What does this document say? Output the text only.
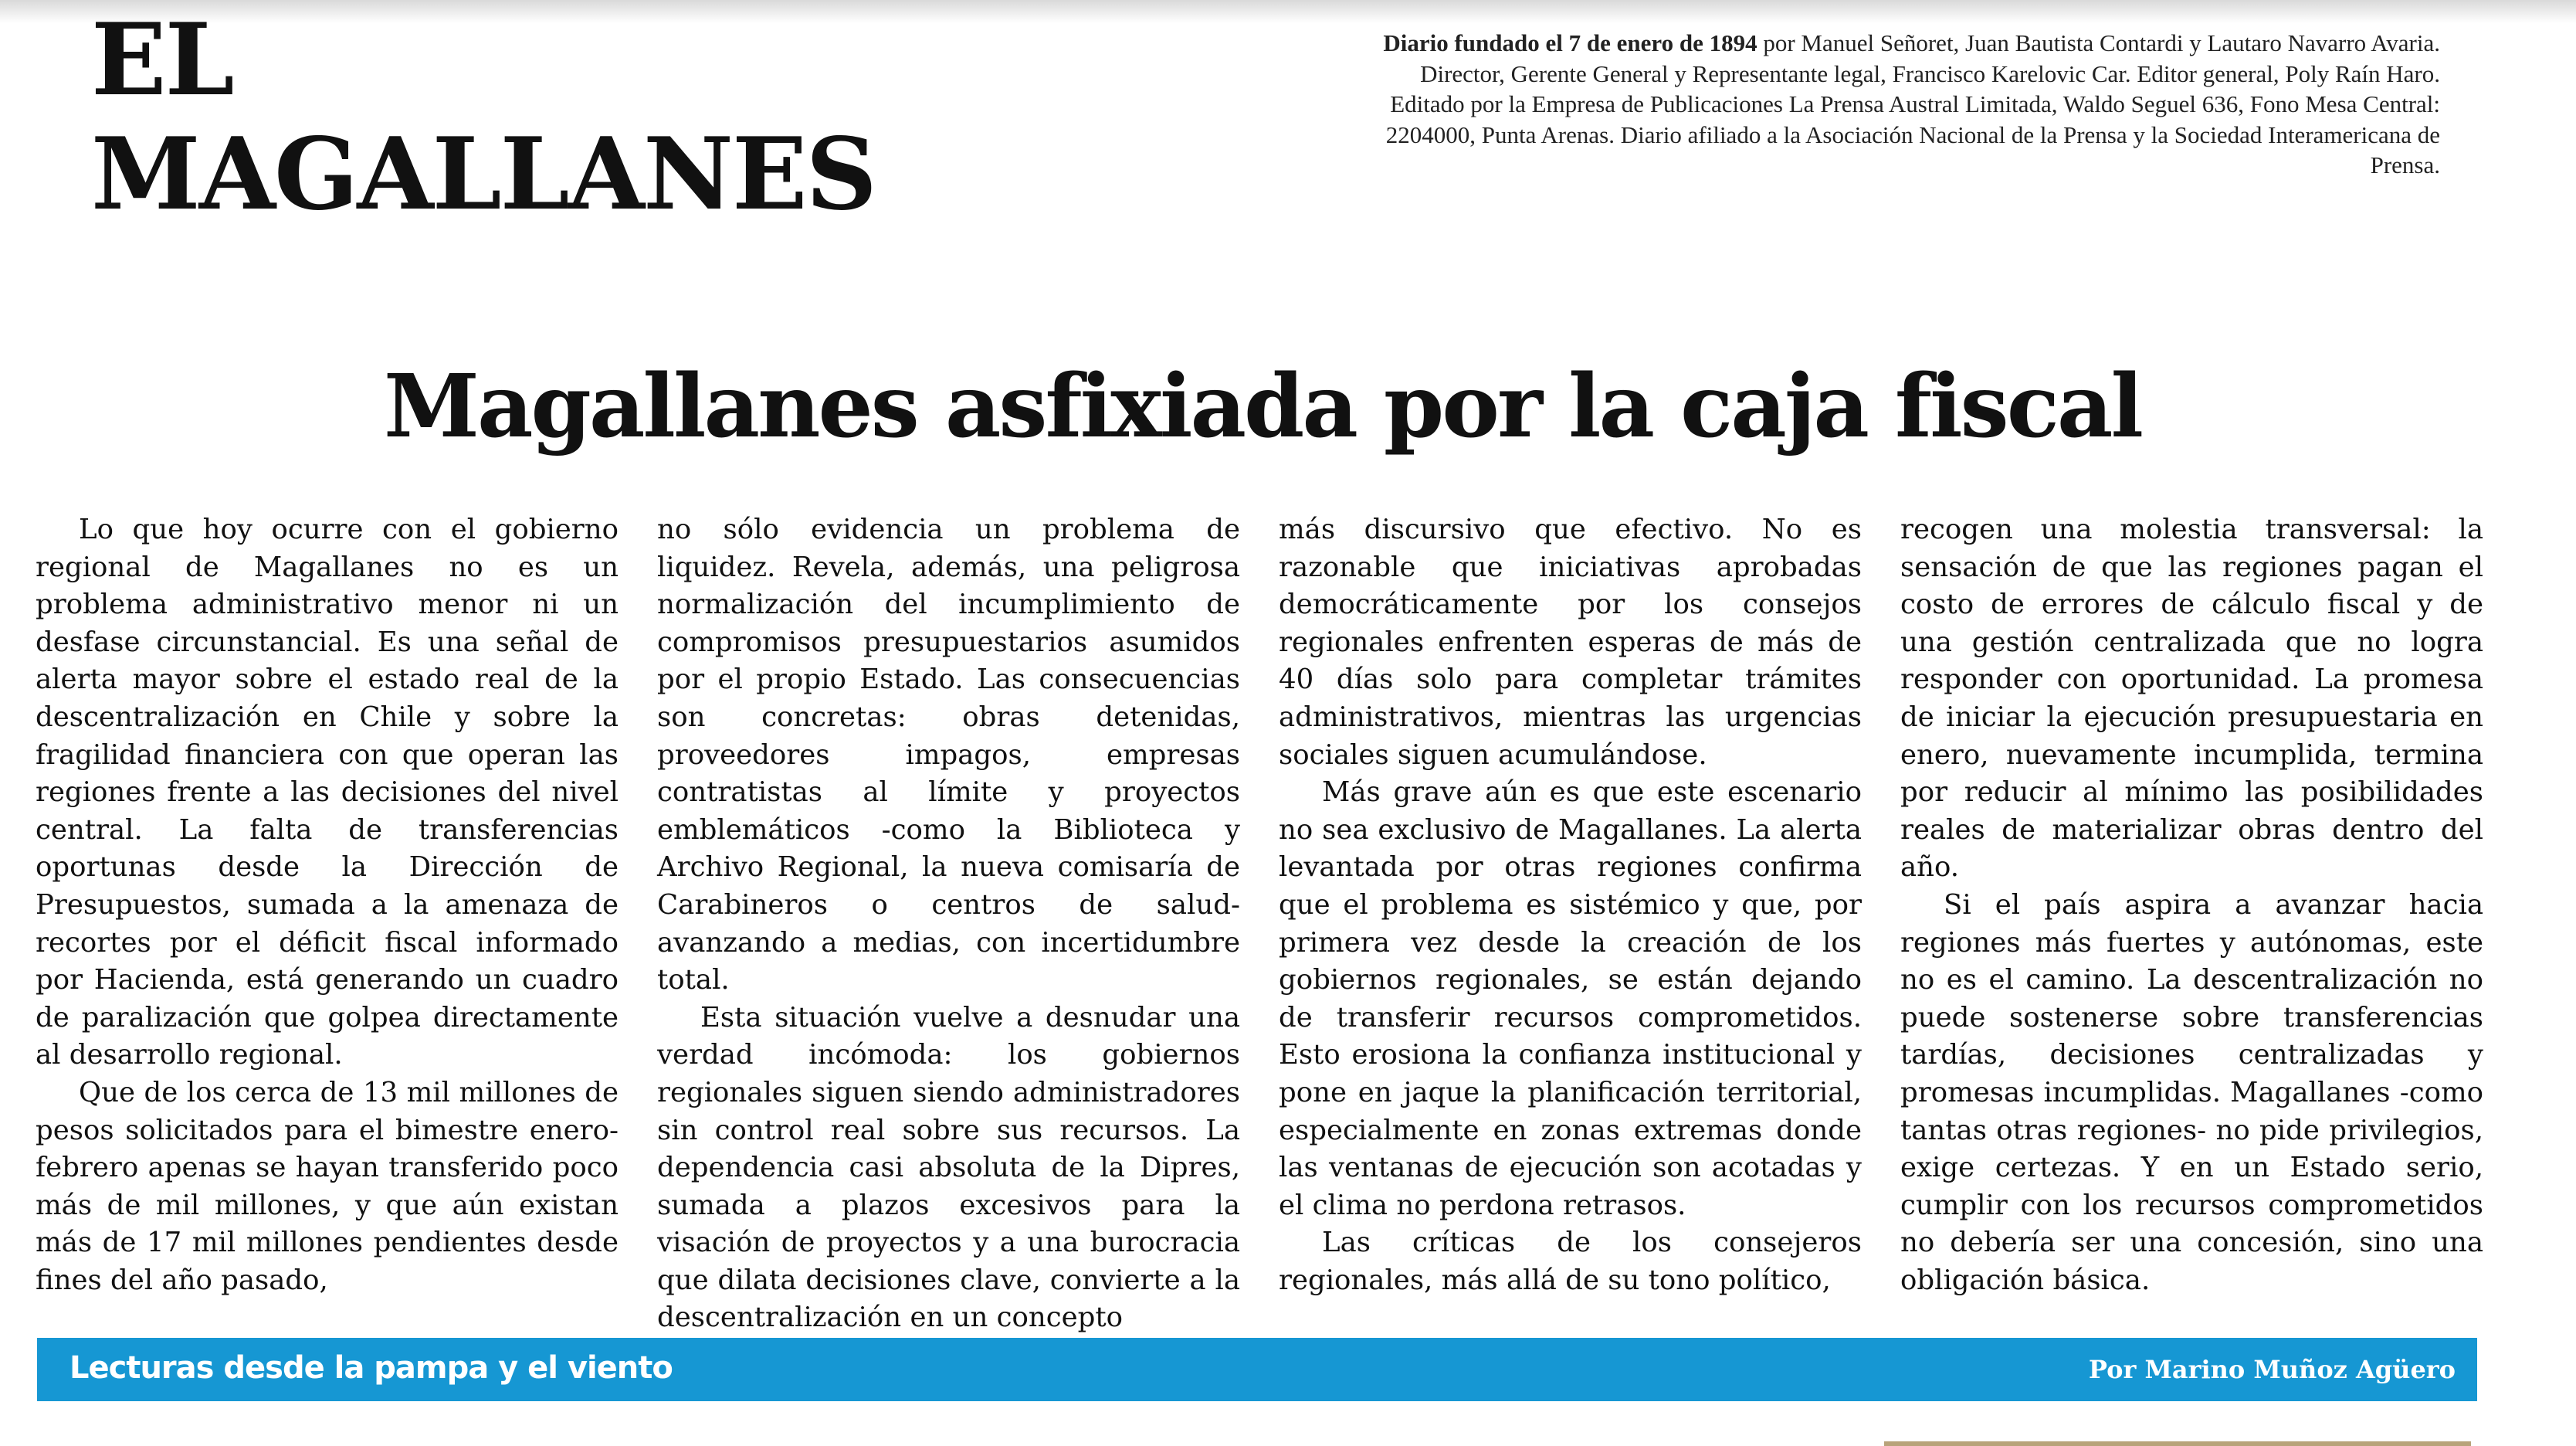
EL
MAGALLANES
Diario fundado el 7 de enero de 1894 por Manuel Señoret, Juan Bautista Contardi y Lautaro Navarro Avaria. Director, Gerente General y Representante legal, Francisco Karelovic Car. Editor general, Poly Raín Haro. Editado por la Empresa de Publicaciones La Prensa Austral Limitada, Waldo Seguel 636, Fono Mesa Central: 2204000, Punta Arenas. Diario afiliado a la Asociación Nacional de la Prensa y la Sociedad Interamericana de Prensa.
Magallanes asfixiada por la caja fiscal

Lo que hoy ocurre con el gobierno regional de Magallanes no es un problema administrativo menor ni un desfase circunstancial. Es una señal de alerta mayor sobre el estado real de la descentralización en Chile y sobre la fragilidad financiera con que operan las regiones frente a las decisiones del nivel central. La falta de transferencias oportunas desde la Dirección de Presupuestos, sumada a la amenaza de recortes por el déficit fiscal informado por Hacienda, está generando un cuadro de paralización que golpea directamente al desarrollo regional.

Que de los cerca de 13 mil millones de pesos solicitados para el bimestre enero-febrero apenas se hayan transferido poco más de mil millones, y que aún existan más de 17 mil millones pendientes desde fines del año pasado,

no sólo evidencia un problema de liquidez. Revela, además, una peligrosa normalización del incumplimiento de compromisos presupuestarios asumidos por el propio Estado. Las consecuencias son concretas: obras detenidas, proveedores impagos, empresas contratistas al límite y proyectos emblemáticos -como la Biblioteca y Archivo Regional, la nueva comisaría de Carabineros o centros de salud- avanzando a medias, con incertidumbre total.

Esta situación vuelve a desnudar una verdad incómoda: los gobiernos regionales siguen siendo administradores sin control real sobre sus recursos. La dependencia casi absoluta de la Dipres, sumada a plazos excesivos para la visación de proyectos y a una burocracia que dilata decisiones clave, convierte a la descentralización en un concepto

más discursivo que efectivo. No es razonable que iniciativas aprobadas democráticamente por los consejos regionales enfrenten esperas de más de 40 días solo para completar trámites administrativos, mientras las urgencias sociales siguen acumulándose.

Más grave aún es que este escenario no sea exclusivo de Magallanes. La alerta levantada por otras regiones confirma que el problema es sistémico y que, por primera vez desde la creación de los gobiernos regionales, se están dejando de transferir recursos comprometidos. Esto erosiona la confianza institucional y pone en jaque la planificación territorial, especialmente en zonas extremas donde las ventanas de ejecución son acotadas y el clima no perdona retrasos.

Las críticas de los consejeros regionales, más allá de su tono político,

recogen una molestia transversal: la sensación de que las regiones pagan el costo de errores de cálculo fiscal y de una gestión centralizada que no logra responder con oportunidad. La promesa de iniciar la ejecución presupuestaria en enero, nuevamente incumplida, termina por reducir al mínimo las posibilidades reales de materializar obras dentro del año.

Si el país aspira a avanzar hacia regiones más fuertes y autónomas, este no es el camino. La descentralización no puede sostenerse sobre transferencias tardías, decisiones centralizadas y promesas incumplidas. Magallanes -como tantas otras regiones- no pide privilegios, exige certezas. Y en un Estado serio, cumplir con los recursos comprometidos no debería ser una concesión, sino una obligación básica.

Lecturas desde la pampa y el viento	Por Marino Muñoz Agüero
